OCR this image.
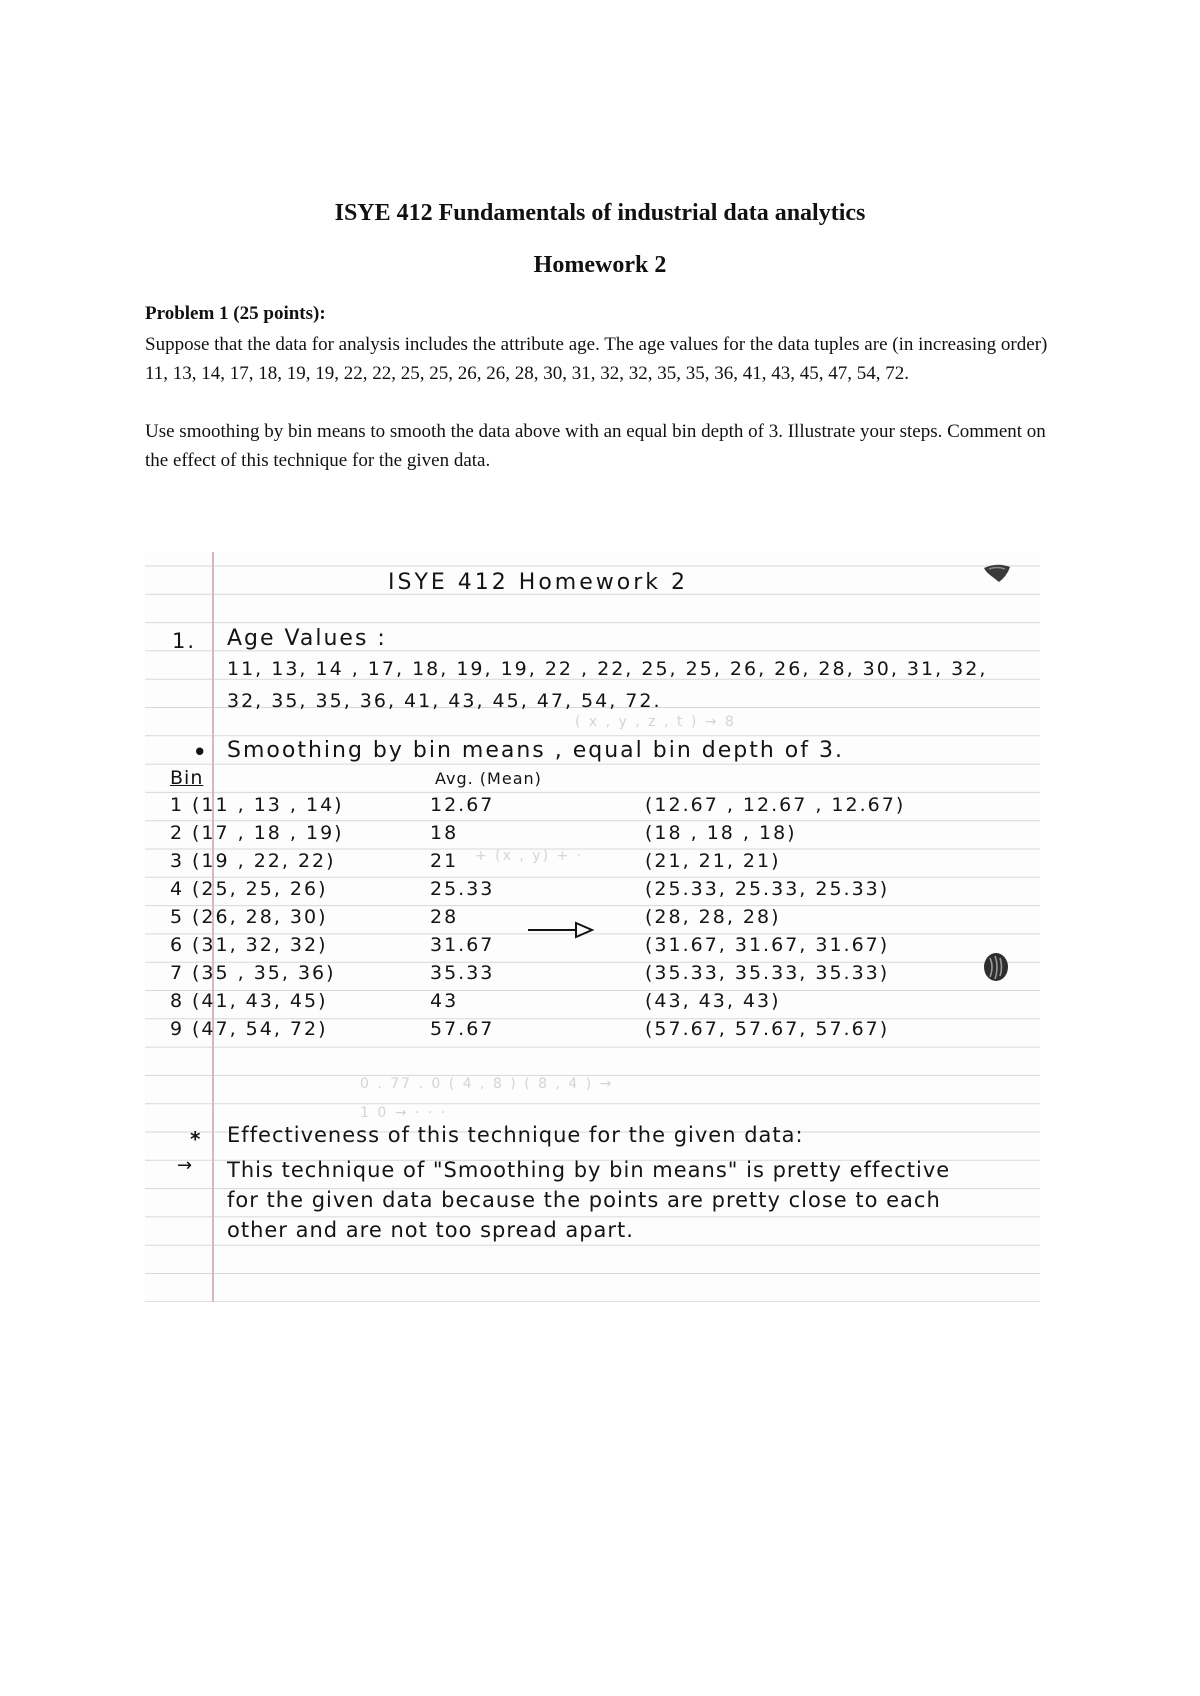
ISYE 412 Fundamentals of industrial data analytics
Homework 2
Problem 1 (25 points):

Suppose that the data for analysis includes the attribute age. The age values for the data tuples are (in increasing order) 11, 13, 14, 17, 18, 19, 19, 22, 22, 25, 25, 26, 26, 28, 30, 31, 32, 32, 35, 35, 36, 41, 43, 45, 47, 54, 72.

Use smoothing by bin means to smooth the data above with an equal bin depth of 3. Illustrate your steps. Comment on the effect of this technique for the given data.

( x , y , z , t ) → 8
+ (x , y) + ·
0 . 77 . 0 ( 4 , 8 ) ( 8 , 4 ) →
1 0 → · · ·
ISYE 412 Homework 2
1. Age Values :
11, 13, 14 , 17, 18, 19, 19, 22 , 22, 25, 25, 26, 26, 28, 30, 31, 32,
32, 35, 35, 36, 41, 43, 45, 47, 54, 72.
• Smoothing by bin means , equal bin depth of 3.
Bin	Avg. (Mean)
1 (11 , 13 , 14)	12.67	(12.67 , 12.67 , 12.67)
2 (17 , 18 , 19)	18	(18 , 18 , 18)
3 (19 , 22, 22)	21	(21, 21, 21)
4 (25, 25, 26)	25.33	(25.33, 25.33, 25.33)
5 (26, 28, 30)	28	(28, 28, 28)
6 (31, 32, 32)	31.67	(31.67, 31.67, 31.67)
7 (35 , 35, 36)	35.33	(35.33, 35.33, 35.33)
8 (41, 43, 45)	43	(43, 43, 43)
9 (47, 54, 72)	57.67	(57.67, 57.67, 57.67)
* Effectiveness of this technique for the given data:
→ This technique of "Smoothing by bin means" is pretty effective for the given data because the points are pretty close to each other and are not too spread apart.
